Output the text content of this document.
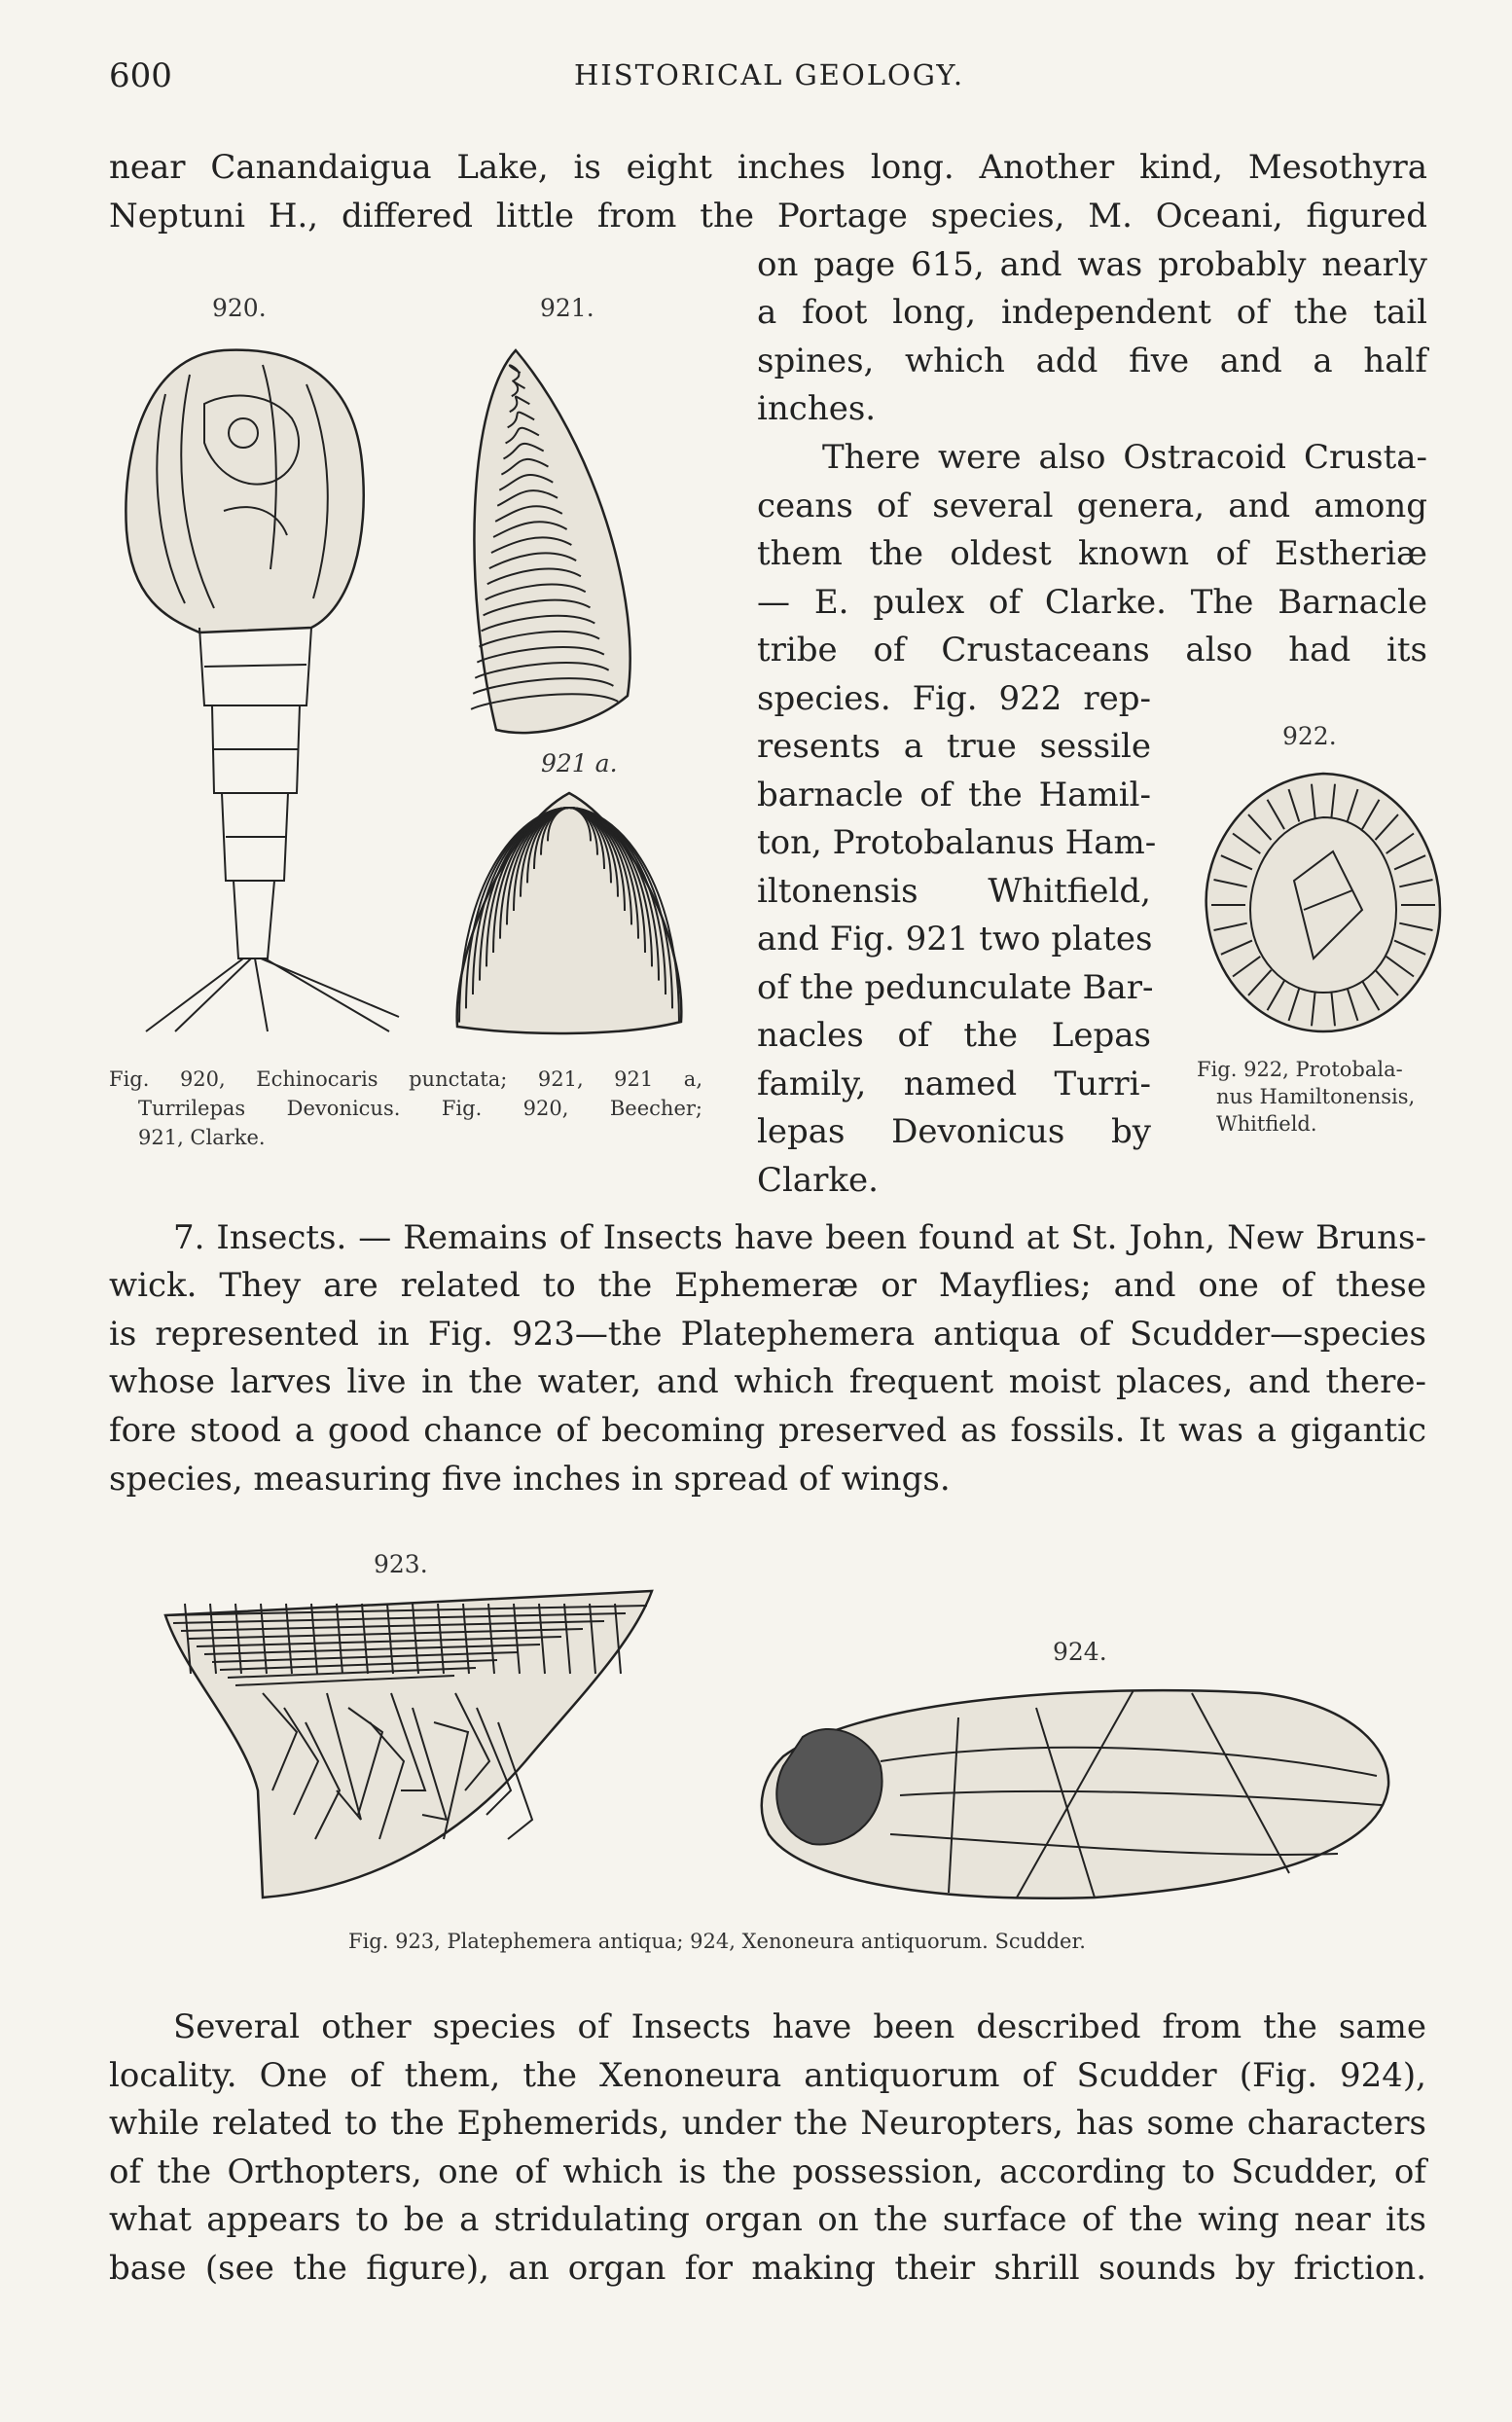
600	HISTORICAL GEOLOGY.
near Canandaigua Lake, is eight inches long. Another kind, Mesothyra
Neptuni H., differed little from the Portage species, M. Oceani, figured
on page 615, and was probably nearly
a foot long, independent of the tail
spines, which add five and a half
inches.
There were also Ostracoid Crusta-
ceans of several genera, and among
them the oldest known of Estheriæ
— E. pulex of Clarke. The Barnacle
tribe of Crustaceans also had its
species. Fig. 922 rep-
resents a true sessile
barnacle of the Hamil-
ton, Protobalanus Ham-
iltonensis Whitfield,
and Fig. 921 two plates
of the pedunculate Bar-
nacles of the Lepas
family, named Turri-
lepas Devonicus by
Clarke.
920.	921.
921 a.
922.
923.
924.
Fig. 920, Echinocaris punctata; 921, 921 a,
Turrilepas Devonicus. Fig. 920, Beecher;
921, Clarke.
Fig. 922, Protobala-
nus Hamiltonensis,
Whitfield.
7. Insects. — Remains of Insects have been found at St. John, New Bruns-
wick. They are related to the Ephemeræ or Mayflies; and one of these
is represented in Fig. 923—the Platephemera antiqua of Scudder—species
whose larves live in the water, and which frequent moist places, and there-
fore stood a good chance of becoming preserved as fossils. It was a gigantic
species, measuring five inches in spread of wings.
Fig. 923, Platephemera antiqua; 924, Xenoneura antiquorum. Scudder.
Several other species of Insects have been described from the same
locality. One of them, the Xenoneura antiquorum of Scudder (Fig. 924),
while related to the Ephemerids, under the Neuropters, has some characters
of the Orthopters, one of which is the possession, according to Scudder, of
what appears to be a stridulating organ on the surface of the wing near its
base (see the figure), an organ for making their shrill sounds by friction.
